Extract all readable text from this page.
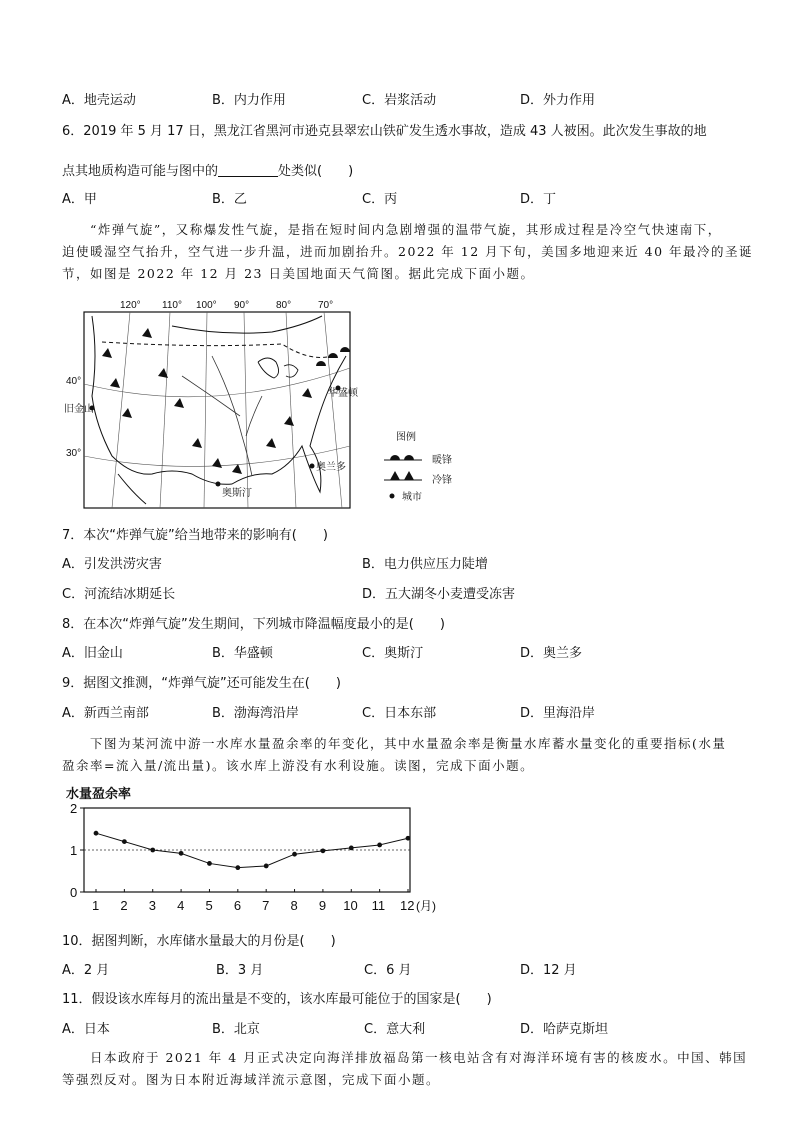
A．地壳运动	B．内力作用	C．岩浆活动	D．外力作用
6．2019 年 5 月 17 日，黑龙江省黑河市逊克县翠宏山铁矿发生透水事故，造成 43 人被困。此次发生事故的地
点其地质构造可能与图中的	处类似(　　)
A．甲	B．乙	C．丙	D．丁
“炸弹气旋”，又称爆发性气旋，是指在短时间内急剧增强的温带气旋，其形成过程是冷空气快速南下，
迫使暖湿空气抬升，空气进一步升温，进而加剧抬升。2022 年 12 月下旬，美国多地迎来近 40 年最冷的圣诞
节，如图是 2022 年 12 月 23 日美国地面天气简图。据此完成下面小题。
120° 110° 100° 90°	80°	70°
40°
30°
旧金山
华盛顿
奥兰多
奥斯汀
图例
暖锋
冷锋
城市
7．本次“炸弹气旋”给当地带来的影响有(　　)
A．引发洪涝灾害	B．电力供应压力陡增
C．河流结冰期延长	D．五大湖冬小麦遭受冻害
8．在本次“炸弹气旋”发生期间，下列城市降温幅度最小的是(　　)
A．旧金山	B．华盛顿	C．奥斯汀	D．奥兰多
9．据图文推测，“炸弹气旋”还可能发生在(　　)
A．新西兰南部	B．渤海湾沿岸	C．日本东部	D．里海沿岸
下图为某河流中游一水库水量盈余率的年变化，其中水量盈余率是衡量水库蓄水量变化的重要指标(水量
盈余率=流入量/流出量)。该水库上游没有水利设施。读图，完成下面小题。
水量盈余率
0
1
2
1 2 3 4 5 6 7 8 9 10 11 12 (月)
10．据图判断，水库储水量最大的月份是(　　)
A．2 月	B．3 月	C．6 月	D．12 月
11．假设该水库每月的流出量是不变的，该水库最可能位于的国家是(　　)
A．日本	B．北京	C．意大利	D．哈萨克斯坦
日本政府于 2021 年 4 月正式决定向海洋排放福岛第一核电站含有对海洋环境有害的核废水。中国、韩国
等强烈反对。图为日本附近海域洋流示意图，完成下面小题。
